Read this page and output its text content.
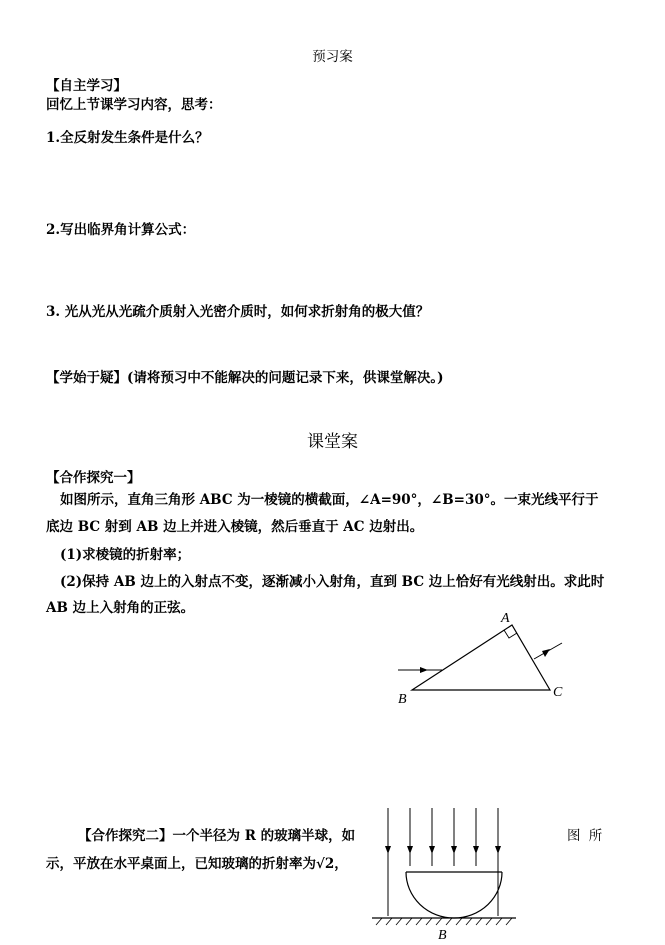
预习案
【自主学习】
回忆上节课学习内容，思考：
1.全反射发生条件是什么？
2.写出临界角计算公式：
3. 光从光从光疏介质射入光密介质时，如何求折射角的极大值？
【学始于疑】(请将预习中不能解决的问题记录下来，供课堂解决。)
课堂案
【合作探究一】
如图所示，直角三角形 ABC 为一棱镜的横截面，∠A=90°，∠B=30°。一束光线平行于
底边 BC 射到 AB 边上并进入棱镜，然后垂直于 AC 边射出。
(1)求棱镜的折射率；
(2)保持 AB 边上的入射点不变，逐渐减小入射角，直到 BC 边上恰好有光线射出。求此时
AB 边上入射角的正弦。
A
B	C
【合作探究二】一个半径为 R 的玻璃半球，如	图 所
示，平放在水平桌面上，已知玻璃的折射率为√2，
B
